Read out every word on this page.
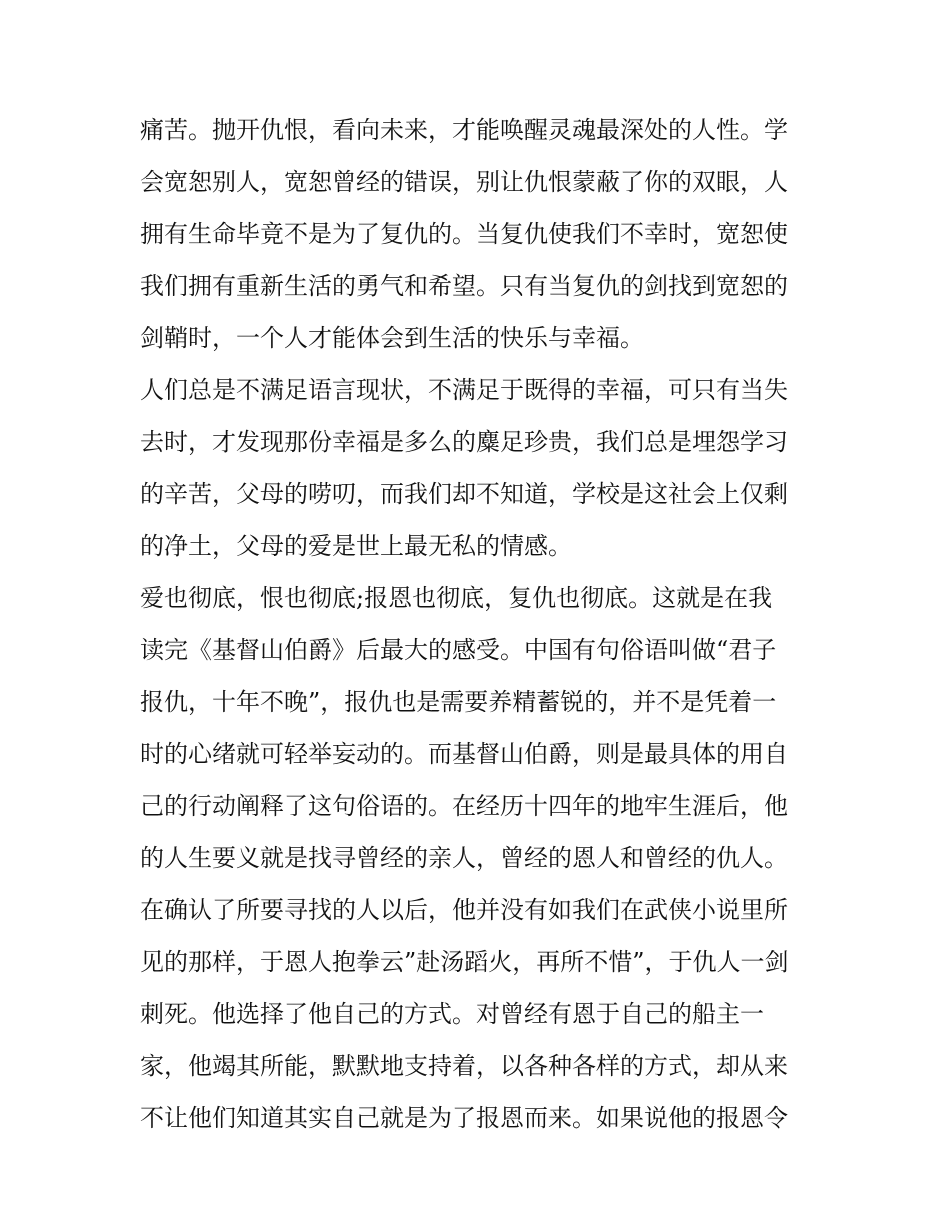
痛苦。抛开仇恨，看向未来，才能唤醒灵魂最深处的人性。学
会宽恕别人，宽恕曾经的错误，别让仇恨蒙蔽了你的双眼，人
拥有生命毕竟不是为了复仇的。当复仇使我们不幸时，宽恕使
我们拥有重新生活的勇气和希望。只有当复仇的剑找到宽恕的
剑鞘时，一个人才能体会到生活的快乐与幸福。
人们总是不满足语言现状，不满足于既得的幸福，可只有当失
去时，才发现那份幸福是多么的麋足珍贵，我们总是埋怨学习
的辛苦，父母的唠叨，而我们却不知道，学校是这社会上仅剩
的净土，父母的爱是世上最无私的情感。
爱也彻底，恨也彻底;报恩也彻底，复仇也彻底。这就是在我
读完《基督山伯爵》后最大的感受。中国有句俗语叫做“君子
报仇，十年不晚”，报仇也是需要养精蓄锐的，并不是凭着一
时的心绪就可轻举妄动的。而基督山伯爵，则是最具体的用自
己的行动阐释了这句俗语的。在经历十四年的地牢生涯后，他
的人生要义就是找寻曾经的亲人，曾经的恩人和曾经的仇人。
在确认了所要寻找的人以后，他并没有如我们在武侠小说里所
见的那样，于恩人抱拳云”赴汤蹈火，再所不惜”，于仇人一剑
刺死。他选择了他自己的方式。对曾经有恩于自己的船主一
家，他竭其所能，默默地支持着，以各种各样的方式，却从来
不让他们知道其实自己就是为了报恩而来。如果说他的报恩令
